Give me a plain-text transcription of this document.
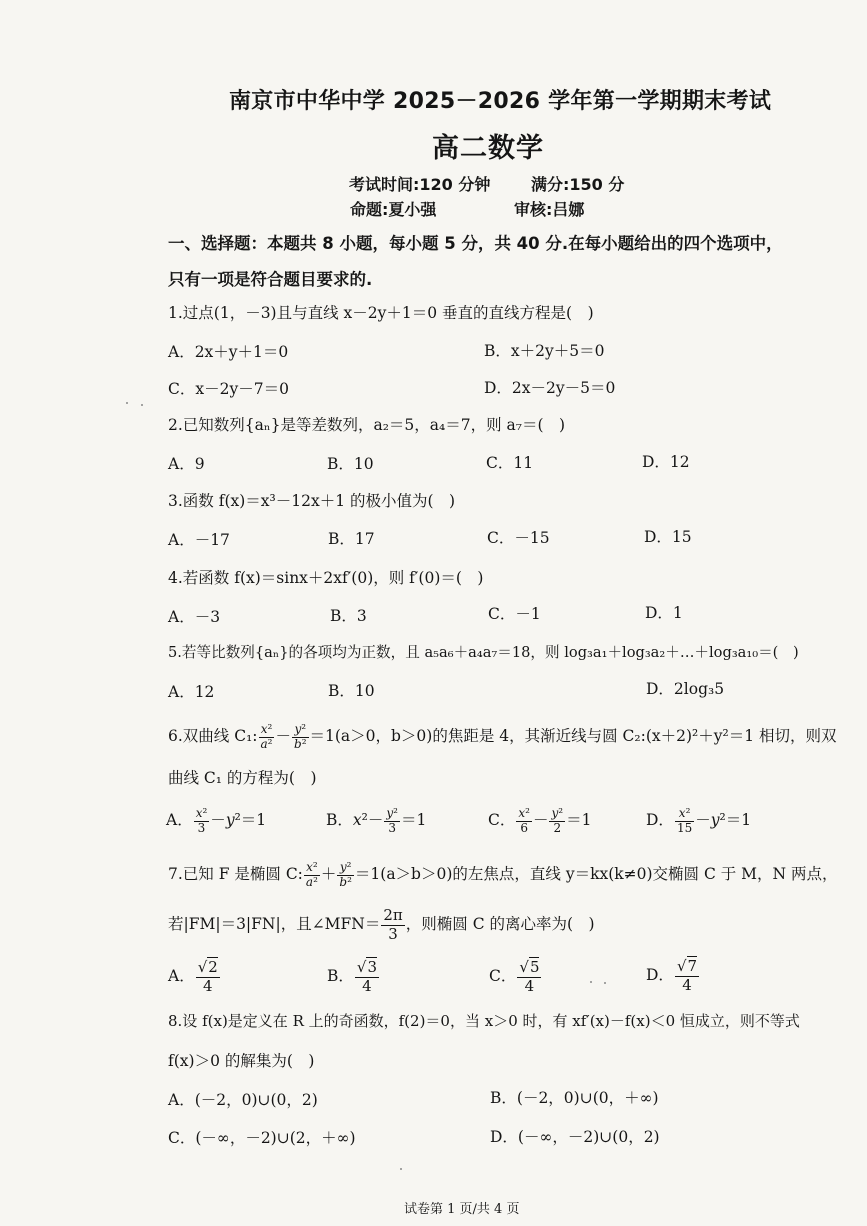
南京市中华中学 2025－2026 学年第一学期期末考试
高二数学
考试时间:120 分钟	满分:150 分
命题:夏小强	审核:吕娜
一、选择题：本题共 8 小题，每小题 5 分，共 40 分.在每小题给出的四个选项中，
只有一项是符合题目要求的.
1.过点(1，－3)且与直线 x－2y＋1＝0 垂直的直线方程是(　)
A．2x＋y＋1＝0	B．x＋2y＋5＝0
C．x－2y－7＝0	D．2x－2y－5＝0
2.已知数列{aₙ}是等差数列，a₂＝5，a₄＝7，则 a₇＝(　)
A．9	B．10	C．11	D．12
3.函数 f(x)＝x³－12x＋1 的极小值为(　)
A．－17	B．17	C．－15	D．15
4.若函数 f(x)＝sinx＋2xf′(0)，则 f′(0)＝(　)
A．－3	B．3	C．－1	D．1
5.若等比数列{aₙ}的各项均为正数，且 a₅a₆＋a₄a₇＝18，则 log₃a₁＋log₃a₂＋…＋log₃a₁₀＝(　)
A．12	B．10	D．2log₃5
6.双曲线 C₁: $\frac{\text{x²}}{\text{a²}} - \frac{\text{y²}}{\text{b²}} =1(a>0$，b＞0)的焦距是 4，其渐近线与圆 C₂:(x＋2)²＋y²＝1 相切，则双
曲线 C₁ 的方程为(　)
A． $\frac{\text{x²}}{3} -y^2=1$	B．$x^2- \frac{\text{y²}}{3} =1$	C． $\frac{\text{x²}}{6} - \frac{\text{y²}}{2} =1$	D． $\frac{\text{x²}}{15} -y^2=1$
7.已知 F 是椭圆 C: $\frac{\text{x²}}{\text{a²}} + \frac{\text{y²}}{\text{b²}} =1(a>b>0)$的左焦点，直线 y＝kx(k≠0)交椭圆 C 于 M，N 两点，
若|FM|＝3|FN|，且∠MFN＝ $\frac{2\pi}{3}$ ，则椭圆 C 的离心率为(　)
A． $\frac{√2}{4}$	B． $\frac{√3}{4}$	C． $\frac{√5}{4}$	D． $\frac{√7}{4}$
8.设 f(x)是定义在 R 上的奇函数，f(2)＝0，当 x＞0 时，有 xf′(x)－f(x)＜0 恒成立，则不等式
f(x)＞0 的解集为(　)
A．(－2，0)∪(0，2)	B．(－2，0)∪(0，＋∞)
C．(－∞，－2)∪(2，＋∞)	D．(－∞，－2)∪(0，2)
试卷第 1 页/共 4 页
